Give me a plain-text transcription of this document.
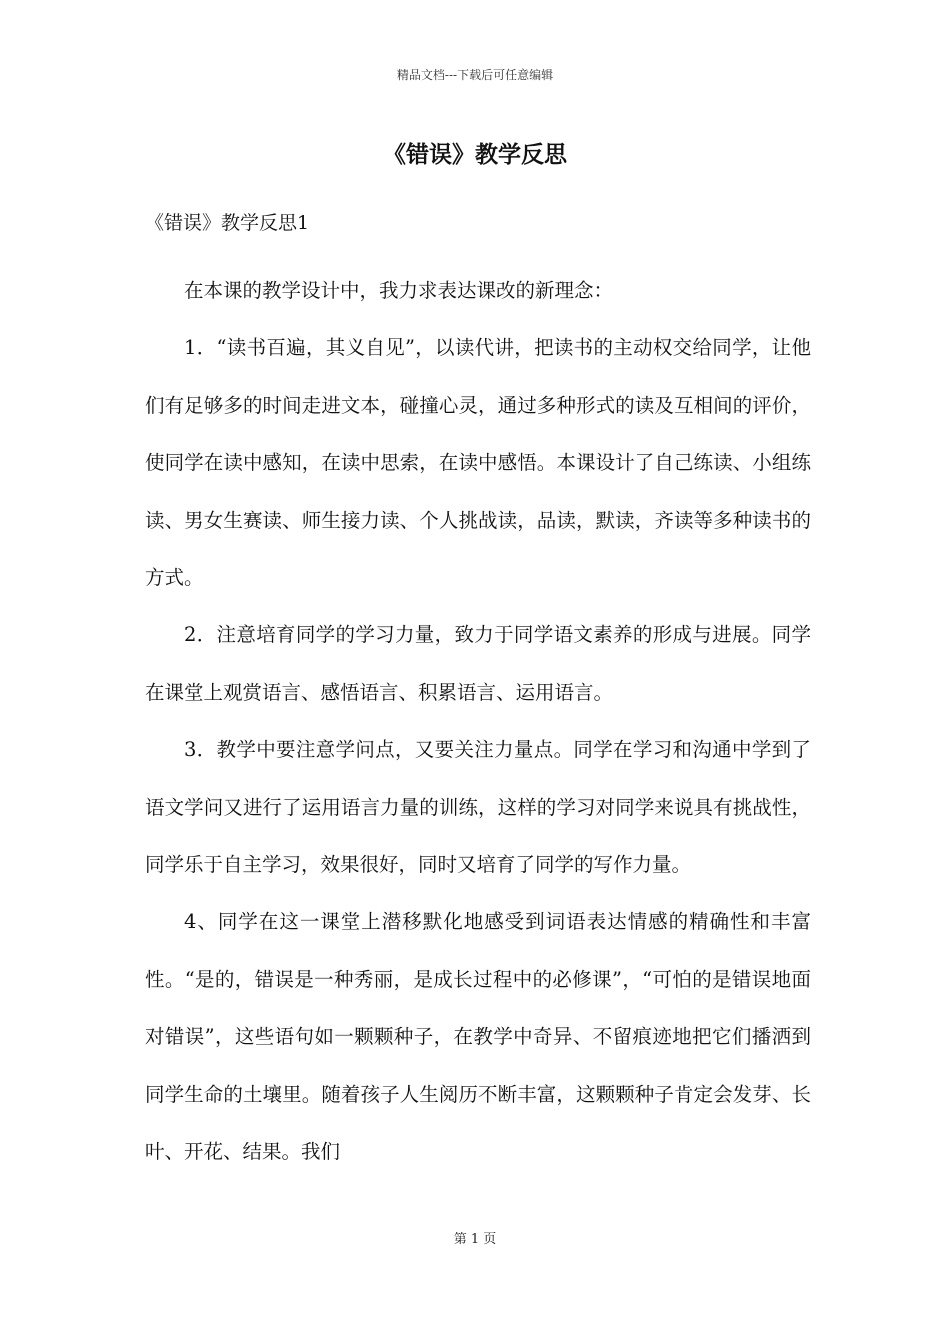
精品文档---下载后可任意编辑
《错误》教学反思
《错误》教学反思1

在本课的教学设计中，我力求表达课改的新理念：

1．“读书百遍，其义自见”，以读代讲，把读书的主动权交给同学，让他们有足够多的时间走进文本，碰撞心灵，通过多种形式的读及互相间的评价，使同学在读中感知，在读中思索，在读中感悟。本课设计了自己练读、小组练读、男女生赛读、师生接力读、个人挑战读，品读，默读，齐读等多种读书的方式。

2．注意培育同学的学习力量，致力于同学语文素养的形成与进展。同学在课堂上观赏语言、感悟语言、积累语言、运用语言。

3．教学中要注意学问点，又要关注力量点。同学在学习和沟通中学到了语文学问又进行了运用语言力量的训练，这样的学习对同学来说具有挑战性，同学乐于自主学习，效果很好，同时又培育了同学的写作力量。

4、同学在这一课堂上潜移默化地感受到词语表达情感的精确性和丰富性。“是的，错误是一种秀丽，是成长过程中的必修课”，“可怕的是错误地面对错误”，这些语句如一颗颗种子，在教学中奇异、不留痕迹地把它们播洒到同学生命的土壤里。随着孩子人生阅历不断丰富，这颗颗种子肯定会发芽、长叶、开花、结果。我们

第 1 页
